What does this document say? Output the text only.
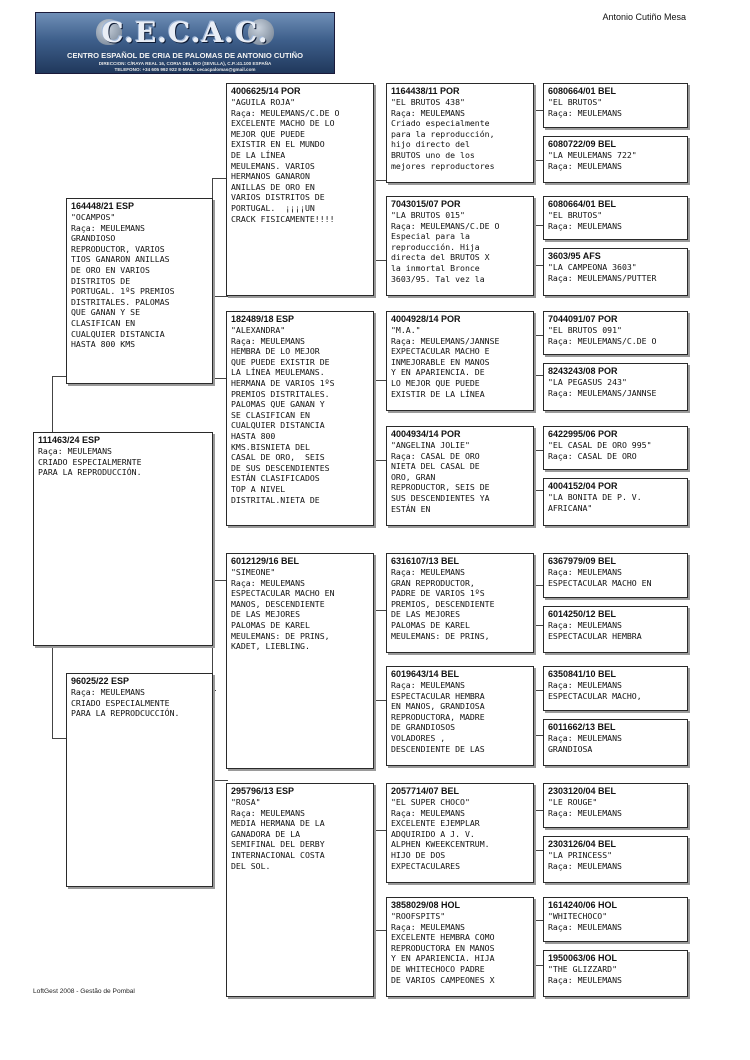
C.E.C.A.C.
CENTRO ESPAÑOL DE CRIA DE PALOMAS DE ANTONIO CUTIÑO
DIRECCION: C/RAYA REAL 16, CORIA DEL RIO (SEVILLA), C.P.:41.100 ESPAÑA
TELEFONO: +34 605 992 922 E-MAIL: cecacpalomas@gmail.com
Antonio Cutiño Mesa
111463/24 ESP
Raça: MEULEMANS
CRIADO ESPECIALMERNTE
PARA LA REPRODUCCIÓN.
164448/21 ESP
"OCAMPOS"
Raça: MEULEMANS
GRANDIOSO
REPRODUCTOR, VARIOS
TIOS GANARON ANILLAS
DE ORO EN VARIOS
DISTRITOS DE
PORTUGAL. 1ºS PREMIOS
DISTRITALES. PALOMAS
QUE GANAN Y SE
CLASIFICAN EN
CUALQUIER DISTANCIA
HASTA 800 KMS
96025/22 ESP
Raça: MEULEMANS
CRIADO ESPECIALMENTE
PARA LA REPRODCUCCIÓN.
4006625/14 POR
"AGUILA ROJA"
Raça: MEULEMANS/C.DE O
EXCELENTE MACHO DE LO
MEJOR QUE PUEDE
EXISTIR EN EL MUNDO
DE LA LÍNEA
MEULEMANS. VARIOS
HERMANOS GANARON
ANILLAS DE ORO EN
VARIOS DISTRITOS DE
PORTUGAL.  ¡¡¡¡UN
CRACK FISICAMENTE!!!!
182489/18 ESP
"ALEXANDRA"
Raça: MEULEMANS
HEMBRA DE LO MEJOR
QUE PUEDE EXISTIR DE
LA LÍNEA MEULEMANS.
HERMANA DE VARIOS 1ºS
PREMIOS DISTRITALES.
PALOMAS QUE GANAN Y
SE CLASIFICAN EN
CUALQUIER DISTANCIA
HASTA 800
KMS.BISNIETA DEL
CASAL DE ORO,  SEIS
DE SUS DESCENDIENTES
ESTÁN CLASIFICADOS
TOP A NIVEL
DISTRITAL.NIETA DE
6012129/16 BEL
"SIMEONE"
Raça: MEULEMANS
ESPECTACULAR MACHO EN
MANOS, DESCENDIENTE
DE LAS MEJORES
PALOMAS DE KAREL
MEULEMANS: DE PRINS,
KADET, LIEBLING.
295796/13 ESP
"ROSA"
Raça: MEULEMANS
MEDIA HERMANA DE LA
GANADORA DE LA
SEMIFINAL DEL DERBY
INTERNACIONAL COSTA
DEL SOL.
1164438/11 POR
"EL BRUTOS 438"
Raça: MEULEMANS
Criado especialmente
para la reproducción,
hijo directo del
BRUTOS uno de los
mejores reproductores
7043015/07 POR
"LA BRUTOS 015"
Raça: MEULEMANS/C.DE O
Especial para la
reproducción. Hija
directa del BRUTOS X
la inmortal Bronce
3603/95. Tal vez la
4004928/14 POR
"M.A."
Raça: MEULEMANS/JANNSE
EXPECTACULAR MACHO E
INMEJORABLE EN MANOS
Y EN APARIENCIA. DE
LO MEJOR QUE PUEDE
EXISTIR DE LA LÍNEA
4004934/14 POR
"ANGELINA JOLIE"
Raça: CASAL DE ORO
NIETA DEL CASAL DE
ORO, GRAN
REPRODUCTOR, SEIS DE
SUS DESCENDIENTES YA
ESTÁN EN
6316107/13 BEL
Raça: MEULEMANS
GRAN REPRODUCTOR,
PADRE DE VARIOS 1ºS
PREMIOS, DESCENDIENTE
DE LAS MEJORES
PALOMAS DE KAREL
MEULEMANS: DE PRINS,
6019643/14 BEL
Raça: MEULEMANS
ESPECTACULAR HEMBRA
EN MANOS, GRANDIOSA
REPRODUCTORA, MADRE
DE GRANDIOSOS
VOLADORES ,
DESCENDIENTE DE LAS
2057714/07 BEL
"EL SUPER CHOCO"
Raça: MEULEMANS
EXCELENTE EJEMPLAR
ADQUIRIDO A J. V.
ALPHEN KWEEKCENTRUM.
HIJO DE DOS
EXPECTACULARES
3858029/08 HOL
"ROOFSPITS"
Raça: MEULEMANS
EXCELENTE HEMBRA COMO
REPRODUCTORA EN MANOS
Y EN APARIENCIA. HIJA
DE WHITECHOCO PADRE
DE VARIOS CAMPEONES X
6080664/01 BEL
"EL BRUTOS"
Raça: MEULEMANS
6080722/09 BEL
"LA MEULEMANS 722"
Raça: MEULEMANS
6080664/01 BEL
"EL BRUTOS"
Raça: MEULEMANS
3603/95 AFS
"LA CAMPEONA 3603"
Raça: MEULEMANS/PUTTER
7044091/07 POR
"EL BRUTOS 091"
Raça: MEULEMANS/C.DE O
8243243/08 POR
"LA PEGASUS 243"
Raça: MEULEMANS/JANNSE
6422995/06 POR
"EL CASAL DE ORO 995"
Raça: CASAL DE ORO
4004152/04 POR
"LA BONITA DE P. V.
AFRICANA"
6367979/09 BEL
Raça: MEULEMANS
ESPECTACULAR MACHO EN
6014250/12 BEL
Raça: MEULEMANS
ESPECTACULAR HEMBRA
6350841/10 BEL
Raça: MEULEMANS
ESPECTACULAR MACHO,
6011662/13 BEL
Raça: MEULEMANS
GRANDIOSA
2303120/04 BEL
"LE ROUGE"
Raça: MEULEMANS
2303126/04 BEL
"LA PRINCESS"
Raça: MEULEMANS
1614240/06 HOL
"WHITECHOCO"
Raça: MEULEMANS
1950063/06 HOL
"THE GLIZZARD"
Raça: MEULEMANS
LoftGest 2008 - Gestão de Pombal
